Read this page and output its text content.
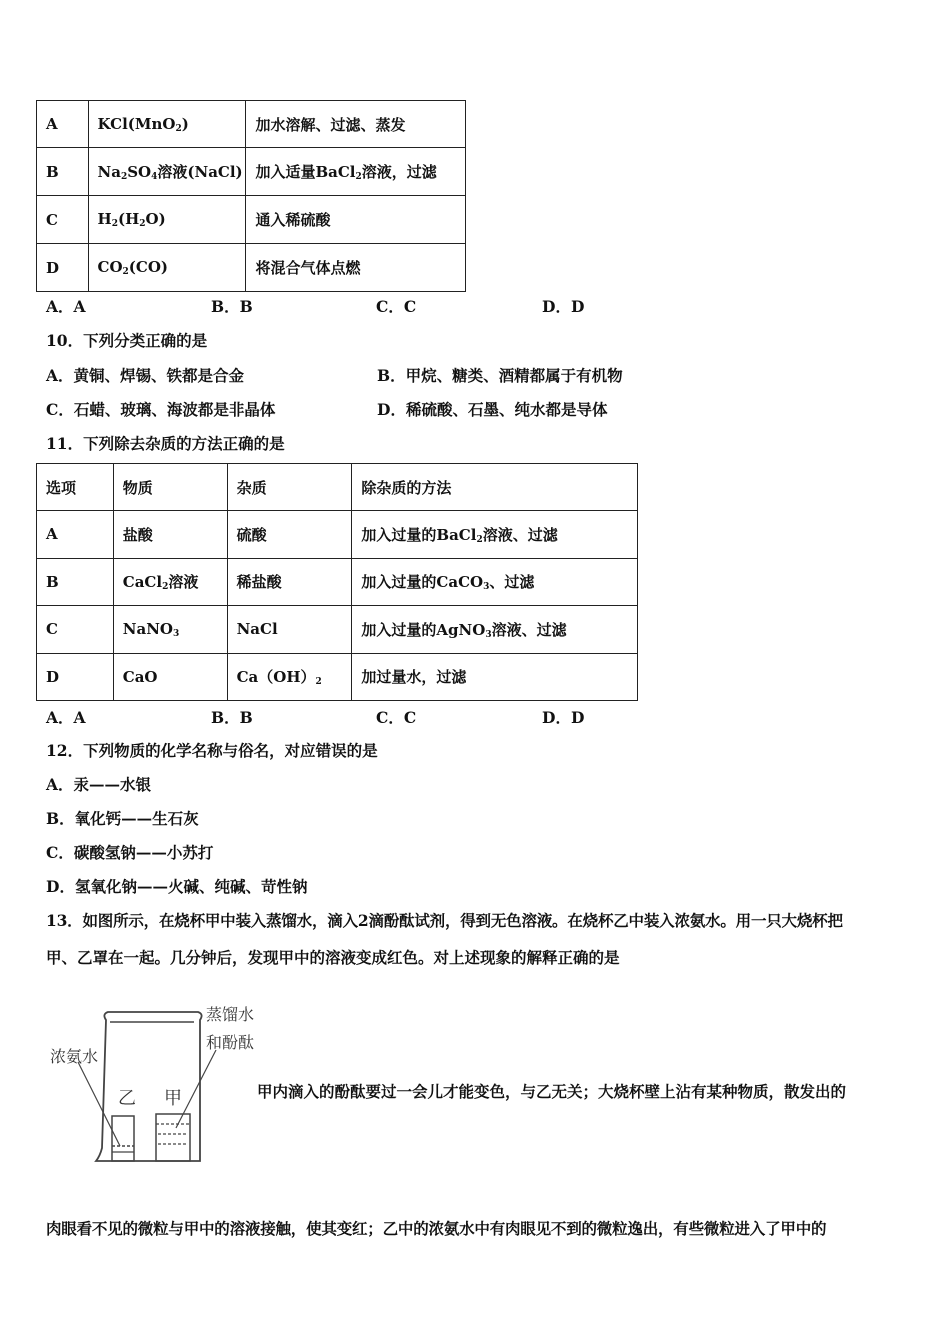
A	KCl(MnO$_2$)	加水溶解、过滤、蒸发
B	$Na_2SO_4$溶液(NaCl)	加入适量BaCl$_2$溶液，过滤
C	$H_2(H_2O)$	通入稀硫酸
D	$CO_2(CO)$	将混合气体点燃
A．A	B．B	C．C	D．D
10．下列分类正确的是
A．黄铜、焊锡、铁都是合金	B．甲烷、糖类、酒精都属于有机物
C．石蜡、玻璃、海波都是非晶体	D．稀硫酸、石墨、纯水都是导体
11．下列除去杂质的方法正确的是
选项	物质	杂质	除杂质的方法
A	盐酸	硫酸	加入过量的BaCl$_2$溶液、过滤
B	CaCl$_2$溶液	稀盐酸	加入过量的CaCO$_3$、过滤
C	NaNO$_3$	NaCl	加入过量的AgNO$_3$溶液、过滤
D	CaO	$Ca(OH)_2$	加过量水，过滤
A．A	B．B	C．C	D．D
12．下列物质的化学名称与俗名，对应错误的是
A．汞——水银
B．氧化钙——生石灰
C．碳酸氢钠——小苏打
D．氢氧化钠——火碱、纯碱、苛性钠
13．如图所示，在烧杯甲中装入蒸馏水，滴入2滴酚酞试剂，得到无色溶液。在烧杯乙中装入浓氨水。用一只大烧杯把
甲、乙罩在一起。几分钟后，发现甲中的溶液变成红色。对上述现象的解释正确的是
浓氨水
蒸馏水
和酚酞
乙 甲	甲内滴入的酚酞要过一会儿才能变色，与乙无关；大烧杯壁上沾有某种物质，散发出的
肉眼看不见的微粒与甲中的溶液接触，使其变红；乙中的浓氨水中有肉眼见不到的微粒逸出，有些微粒进入了甲中的
